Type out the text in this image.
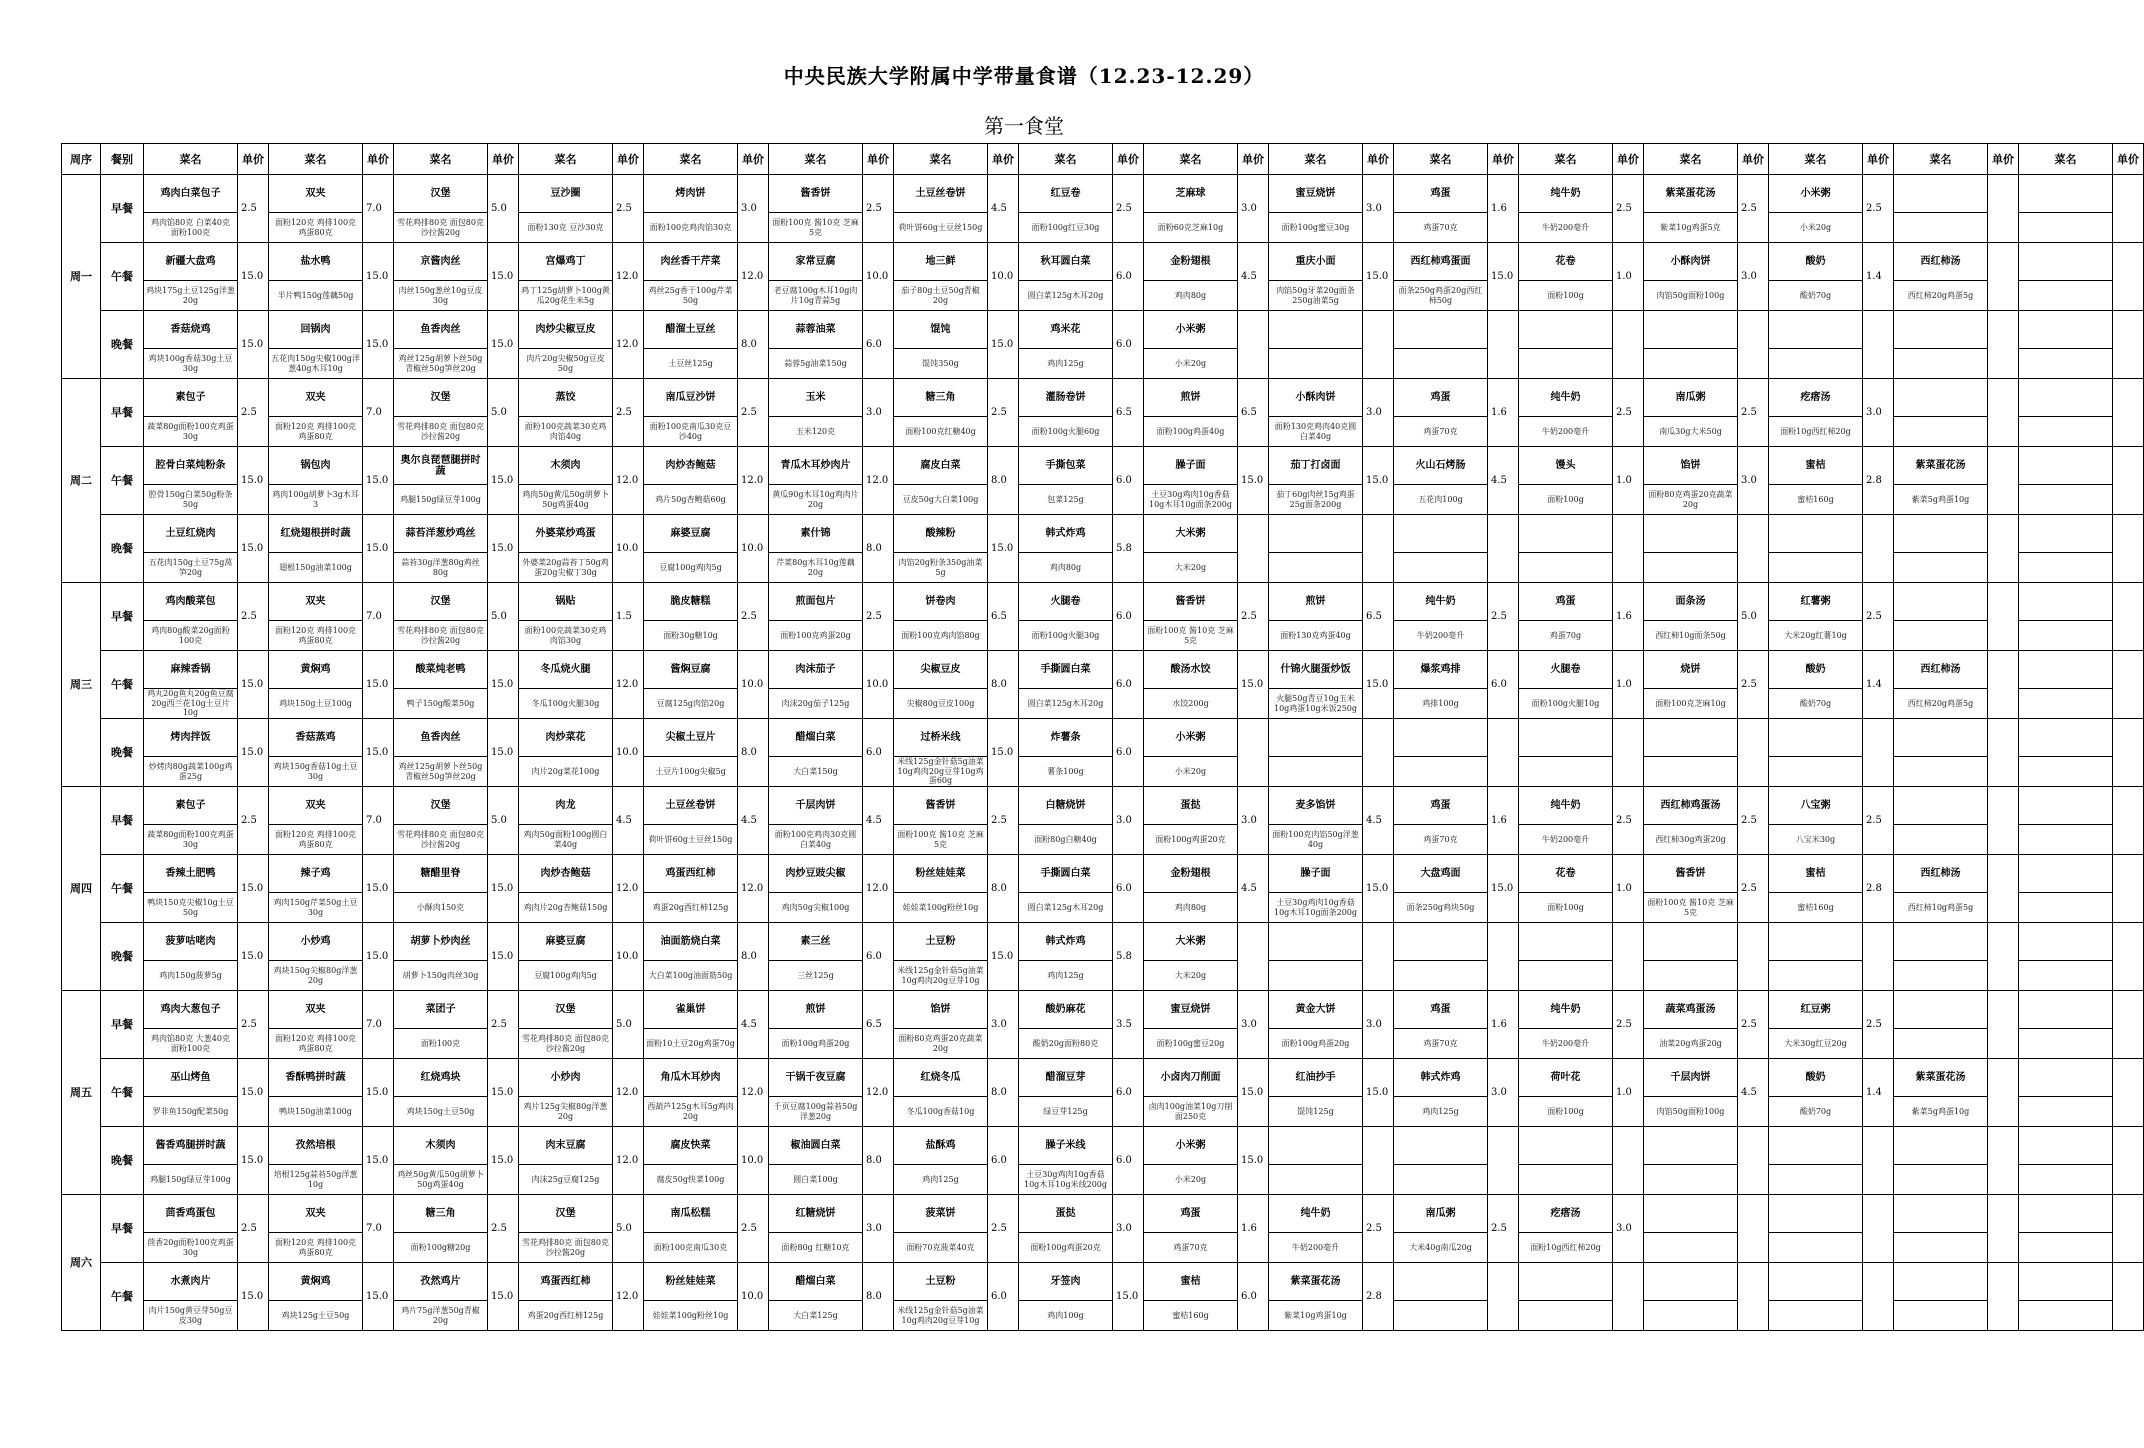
中央民族大学附属中学带量食谱（12.23-12.29）
第一食堂
周序	餐别	菜名	单价	菜名	单价	菜名	单价	菜名	单价	菜名	单价	菜名	单价	菜名	单价	菜名	单价	菜名	单价	菜名	单价	菜名	单价	菜名	单价	菜名	单价	菜名	单价	菜名	单价	菜名	单价
周一	早餐	鸡肉白菜包子	2.5	双夹	7.0	汉堡	5.0	豆沙圈	2.5	烤肉饼	3.0	酱香饼	2.5	土豆丝卷饼	4.5	红豆卷	2.5	芝麻球	3.0	蜜豆烧饼	3.0	鸡蛋	1.6	纯牛奶	2.5	紫菜蛋花汤	2.5	小米粥	2.5				
		鸡肉馅80克 白菜40克 面粉100克		面粉120克 鸡排100克 鸡蛋80克		雪花鸡排80克 面包80克沙拉酱20g		面粉130克 豆沙30克		面粉100克鸡肉馅30克		面粉100克 酱10克 芝麻5克		荷叶饼60g土豆丝150g		面粉100g红豆30g		面粉60克芝麻10g		面粉100g蜜豆30g		鸡蛋70克		牛奶200毫升		紫菜10g鸡蛋5克		小米20g					
	午餐	新疆大盘鸡	15.0	盐水鸭	15.0	京酱肉丝	15.0	宫爆鸡丁	12.0	肉丝香干芹菜	12.0	家常豆腐	10.0	地三鲜	10.0	秋耳圆白菜	6.0	金粉翅根	4.5	重庆小面	15.0	西红柿鸡蛋面	15.0	花卷	1.0	小酥肉饼	3.0	酸奶	1.4	西红柿汤			
		鸡块175g土豆125g洋葱20g		半片鸭150g莲藕50g		肉丝150g葱丝10g豆皮30g		鸡丁125g胡萝卜100g黄瓜20g花生米5g		鸡丝25g香干100g芹菜50g		老豆腐100g木耳10g肉片10g青蒜5g		茄子80g土豆50g青椒20g		圆白菜125g木耳20g		鸡肉80g		肉馅50g牙菜20g面条250g油菜5g		面条250g鸡蛋20g西红柿50g		面粉100g		肉馅50g面粉100g		酸奶70g		西红柿20g鸡蛋5g			
	晚餐	香菇烧鸡	15.0	回锅肉	15.0	鱼香肉丝	15.0	肉炒尖椒豆皮	12.0	醋溜土豆丝	8.0	蒜蓉油菜	6.0	馄饨	15.0	鸡米花	6.0	小米粥															
		鸡块100g香菇30g土豆30g		五花肉150g尖椒100g洋葱40g木耳10g		鸡丝125g胡萝卜丝50g青椒丝50g笋丝20g		肉片20g尖椒50g豆皮50g		土豆丝125g		蒜蓉5g油菜150g		馄饨350g		鸡肉125g		小米20g															
周二	早餐	素包子	2.5	双夹	7.0	汉堡	5.0	蒸饺	2.5	南瓜豆沙饼	2.5	玉米	3.0	糖三角	2.5	灌肠卷饼	6.5	煎饼	6.5	小酥肉饼	3.0	鸡蛋	1.6	纯牛奶	2.5	南瓜粥	2.5	疙瘩汤	3.0				
		蔬菜80g面粉100克鸡蛋30g		面粉120克 鸡排100克 鸡蛋80克		雪花鸡排80克 面包80克沙拉酱20g		面粉100克蔬菜30克鸡肉馅40g		面粉100克南瓜30克豆沙40g		玉米120克		面粉100克红糖40g		面粉100g火腿60g		面粉100g鸡蛋40g		面粉130克鸡肉40克圆白菜40g		鸡蛋70克		牛奶200毫升		南瓜30g大米50g		面粉10g西红柿20g					
	午餐	腔骨白菜炖粉条	15.0	锅包肉	15.0	奥尔良琵琶腿拼时蔬	15.0	木须肉	12.0	肉炒杏鲍菇	12.0	青瓜木耳炒肉片	12.0	腐皮白菜	8.0	手撕包菜	6.0	臊子面	15.0	茄丁打卤面	15.0	火山石烤肠	4.5	馒头	1.0	馅饼	3.0	蜜桔	2.8	紫菜蛋花汤			
		腔骨150g白菜50g粉条50g		鸡肉100g胡萝卜3g木耳3		鸡腿150g绿豆芽100g		鸡肉50g黄瓜50g胡萝卜50g鸡蛋40g		鸡片50g杏鲍菇60g		黄瓜90g木耳10g鸡肉片20g		豆皮50g大白菜100g		包菜125g		土豆30g鸡肉10g香菇10g木耳10g面条200g		茄丁60g肉丝15g鸡蛋25g面条200g		五花肉100g		面粉100g		面粉80克鸡蛋20克蔬菜20g		蜜桔160g		紫菜5g鸡蛋10g			
	晚餐	土豆红烧肉	15.0	红烧翅根拼时蔬	15.0	蒜苔洋葱炒鸡丝	15.0	外婆菜炒鸡蛋	10.0	麻婆豆腐	10.0	素什锦	8.0	酸辣粉	15.0	韩式炸鸡	5.8	大米粥															
		五花肉150g土豆75g莴笋20g		翅根150g油菜100g		蒜苔30g洋葱80g鸡丝80g		外婆菜20g蒜苔丁50g鸡蛋20g尖椒丁30g		豆腐100g鸡肉5g		芹菜80g木耳10g莲藕20g		肉馅20g粉条350g油菜5g		鸡肉80g		大米20g															
周三	早餐	鸡肉酸菜包	2.5	双夹	7.0	汉堡	5.0	锅贴	1.5	脆皮糖糕	2.5	煎面包片	2.5	饼卷肉	6.5	火腿卷	6.0	酱香饼	2.5	煎饼	6.5	纯牛奶	2.5	鸡蛋	1.6	面条汤	5.0	红薯粥	2.5				
		鸡肉80g酸菜20g面粉100克		面粉120克 鸡排100克 鸡蛋80克		雪花鸡排80克 面包80克沙拉酱20g		面粉100克蔬菜30克鸡肉馅30g		面粉30g糖10g		面粉100克鸡蛋20g		面粉100克鸡肉馅80g		面粉100g火腿30g		面粉100克 酱10克 芝麻5克		面粉130克鸡蛋40g		牛奶200毫升		鸡蛋70g		西红柿10g面条50g		大米20g红薯10g					
	午餐	麻辣香锅	15.0	黄焖鸡	15.0	酸菜炖老鸭	15.0	冬瓜烧火腿	12.0	酱焖豆腐	10.0	肉沫茄子	10.0	尖椒豆皮	8.0	手撕圆白菜	6.0	酸汤水饺	15.0	什锦火腿蛋炒饭	15.0	爆浆鸡排	6.0	火腿卷	1.0	烧饼	2.5	酸奶	1.4	西红柿汤			
		鸡丸20g鱼丸20g鱼豆腐20g西兰花10g土豆片10g		鸡块150g土豆100g		鸭子150g酸菜50g		冬瓜100g火腿30g		豆腐125g肉馅20g		肉沫20g茄子125g		尖椒80g豆皮100g		圆白菜125g木耳20g		水饺200g		火腿50g青豆10g玉米10g鸡蛋10g米饭250g		鸡排100g		面粉100g火腿10g		面粉100克芝麻10g		酸奶70g		西红柿20g鸡蛋5g			
	晚餐	烤肉拌饭	15.0	香菇蒸鸡	15.0	鱼香肉丝	15.0	肉炒菜花	10.0	尖椒土豆片	8.0	醋熘白菜	6.0	过桥米线	15.0	炸薯条	6.0	小米粥															
		炒烤肉80g蔬菜100g鸡蛋25g		鸡块150g香菇10g土豆30g		鸡丝125g胡萝卜丝50g青椒丝50g笋丝20g		肉片20g菜花100g		土豆片100g尖椒5g		大白菜150g		米线125g金针菇5g油菜10g鸡肉20g豆芽10g鸡蛋60g		薯条100g		小米20g															
周四	早餐	素包子	2.5	双夹	7.0	汉堡	5.0	肉龙	4.5	土豆丝卷饼	4.5	千层肉饼	4.5	酱香饼	2.5	白糖烧饼	3.0	蛋挞	3.0	麦多馅饼	4.5	鸡蛋	1.6	纯牛奶	2.5	西红柿鸡蛋汤	2.5	八宝粥	2.5				
		蔬菜80g面粉100克鸡蛋30g		面粉120克 鸡排100克 鸡蛋80克		雪花鸡排80克 面包80克沙拉酱20g		鸡肉50g面粉100g圆白菜40g		荷叶饼60g土豆丝150g		面粉100克鸡肉30克圆白菜40g		面粉100克 酱10克 芝麻5克		面粉80g白糖40g		面粉100g鸡蛋20克		面粉100克肉馅50g洋葱40g		鸡蛋70克		牛奶200毫升		西红柿30g鸡蛋20g		八宝米30g					
	午餐	香辣土肥鸭	15.0	辣子鸡	15.0	糖醋里脊	15.0	肉炒杏鲍菇	12.0	鸡蛋西红柿	12.0	肉炒豆豉尖椒	12.0	粉丝娃娃菜	8.0	手撕圆白菜	6.0	金粉翅根	4.5	臊子面	15.0	大盘鸡面	15.0	花卷	1.0	酱香饼	2.5	蜜桔	2.8	西红柿汤			
		鸭块150克尖椒10g土豆50g		鸡肉150g芹菜50g土豆30g		小酥肉150克		鸡肉片20g杏鲍菇150g		鸡蛋20g西红柿125g		鸡肉50g尖椒100g		娃娃菜100g粉丝10g		圆白菜125g木耳20g		鸡肉80g		土豆30g鸡肉10g香菇10g木耳10g面条200g		面条250g鸡块50g		面粉100g		面粉100克 酱10克 芝麻5克		蜜桔160g		西红柿10g鸡蛋5g			
	晚餐	菠萝咕咾肉	15.0	小炒鸡	15.0	胡萝卜炒肉丝	15.0	麻婆豆腐	10.0	油面筋烧白菜	8.0	素三丝	6.0	土豆粉	15.0	韩式炸鸡	5.8	大米粥															
		鸡肉150g菠萝5g		鸡块150g尖椒80g洋葱20g		胡萝卜150g肉丝30g		豆腐100g鸡肉5g		大白菜100g油面筋50g		三丝125g		米线125g金针菇5g油菜10g鸡肉20g豆芽10g		鸡肉125g		大米20g															
周五	早餐	鸡肉大葱包子	2.5	双夹	7.0	菜团子	2.5	汉堡	5.0	雀巢饼	4.5	煎饼	6.5	馅饼	3.0	酸奶麻花	3.5	蜜豆烧饼	3.0	黄金大饼	3.0	鸡蛋	1.6	纯牛奶	2.5	蔬菜鸡蛋汤	2.5	红豆粥	2.5				
		鸡肉馅80克 大葱40克 面粉100克		面粉120克 鸡排100克 鸡蛋80克		面粉100克		雪花鸡排80克 面包80克沙拉酱20g		面粉10土豆20g鸡蛋70g		面粉100g鸡蛋20g		面粉80克鸡蛋20克蔬菜20g		酸奶20g面粉80克		面粉100g蜜豆20g		面粉100g鸡蛋20g		鸡蛋70克		牛奶200毫升		油菜20g鸡蛋20g		大米30g红豆20g					
	午餐	巫山烤鱼	15.0	香酥鸭拼时蔬	15.0	红烧鸡块	15.0	小炒肉	12.0	角瓜木耳炒肉	12.0	干锅千夜豆腐	12.0	红烧冬瓜	8.0	醋溜豆芽	6.0	小卤肉刀削面	15.0	红油抄手	15.0	韩式炸鸡	3.0	荷叶花	1.0	千层肉饼	4.5	酸奶	1.4	紫菜蛋花汤			
		罗非鱼150g配菜50g		鸭块150g油菜100g		鸡块150g土豆50g		鸡片125g尖椒80g洋葱20g		西葫芦125g木耳5g鸡肉20g		千页豆腐100g蒜苔50g洋葱20g		冬瓜100g香菇10g		绿豆芽125g		卤肉100g油菜10g刀削面250克		馄饨125g		鸡肉125g		面粉100g		肉馅50g面粉100g		酸奶70g		紫菜5g鸡蛋10g			
	晚餐	酱香鸡腿拼时蔬	15.0	孜然培根	15.0	木须肉	15.0	肉末豆腐	12.0	腐皮快菜	10.0	椒油圆白菜	8.0	盐酥鸡	6.0	臊子米线	6.0	小米粥	15.0														
		鸡腿150g绿豆芽100g		培根125g蒜苔50g洋葱10g		鸡丝50g黄瓜50g胡萝卜50g鸡蛋40g		肉沫25g豆腐125g		腐皮50g快菜100g		圆白菜100g		鸡肉125g		土豆30g鸡肉10g香菇10g木耳10g米线200g		小米20g															
周六	早餐	茴香鸡蛋包	2.5	双夹	7.0	糖三角	2.5	汉堡	5.0	南瓜松糕	2.5	红糖烧饼	3.0	菠菜饼	2.5	蛋挞	3.0	鸡蛋	1.6	纯牛奶	2.5	南瓜粥	2.5	疙瘩汤	3.0								
		茴香20g面粉100克鸡蛋30g		面粉120克 鸡排100克 鸡蛋80克		面粉100g糖20g		雪花鸡排80克 面包80克沙拉酱20g		面粉100克南瓜30克		面粉80g 红糖10克		面粉70克菠菜40克		面粉100g鸡蛋20克		鸡蛋70克		牛奶200毫升		大米40g南瓜20g		面粉10g西红柿20g									
	午餐	水煮肉片	15.0	黄焖鸡	15.0	孜然鸡片	15.0	鸡蛋西红柿	12.0	粉丝娃娃菜	10.0	醋熘白菜	8.0	土豆粉	6.0	牙签肉	15.0	蜜桔	6.0	紫菜蛋花汤	2.8												
		肉片150g黄豆芽50g豆皮30g		鸡块125g土豆50g		鸡片75g洋葱50g青椒20g		鸡蛋20g西红柿125g		娃娃菜100g粉丝10g		大白菜125g		米线125g金针菇5g油菜10g鸡肉20g豆芽10g		鸡肉100g		蜜桔160g		紫菜10g鸡蛋10g													
